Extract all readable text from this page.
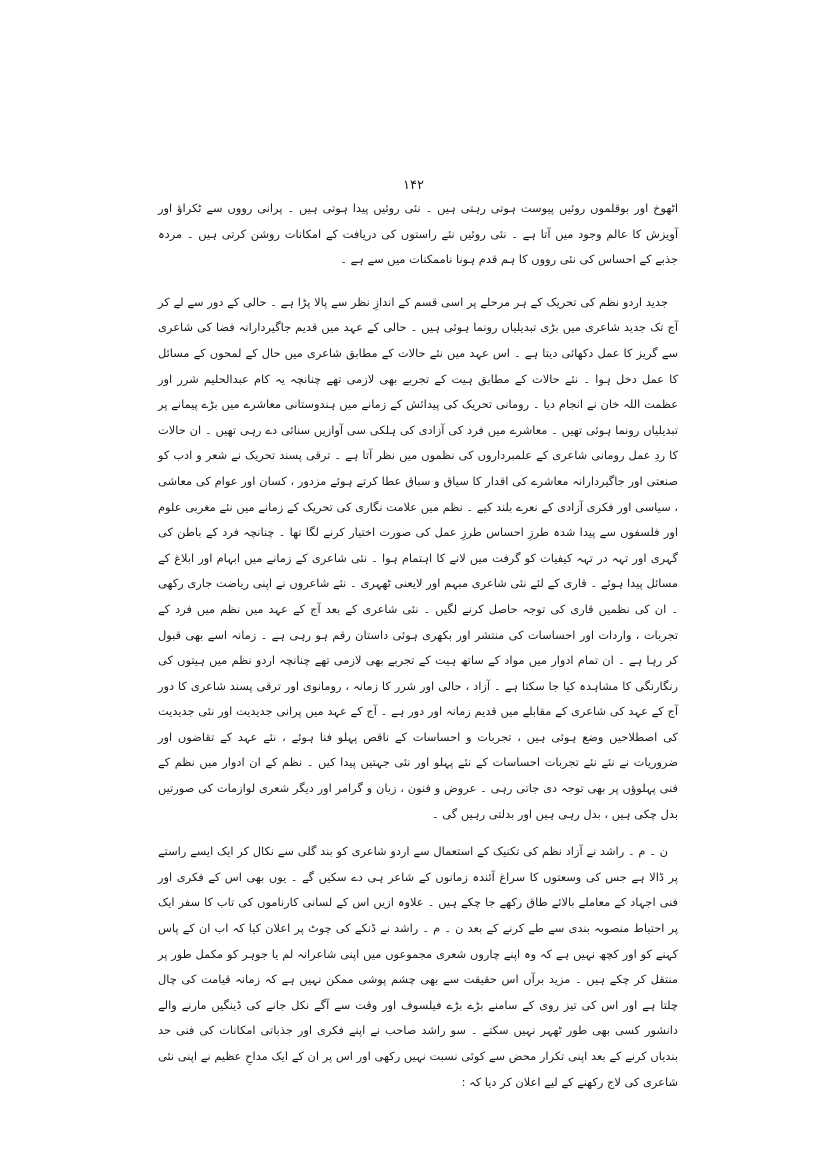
۱۴۲

اٹھوخ اور بوقلموں روئیں پیوست ہوتی رہتی ہیں ۔ نئی روئیں پیدا ہوتی ہیں ۔ پرانی رووں سے ٹکراؤ اور آویزش کا عالم وجود میں آتا ہے ۔ نئی روئیں نئے راستوں کی دریافت کے امکانات روشن کرتی ہیں ۔ مردہ جذبے کے احساس کی نئی رووں کا ہم قدم ہونا ناممکنات میں سے ہے ۔

جدید اردو نظم کی تحریک کے ہر مرحلے پر اسی قسم کے اندازِ نظر سے پالا پڑا ہے ۔ حالی کے دور سے لے کر آج تک جدید شاعری میں بڑی تبدیلیاں رونما ہوئی ہیں ۔ حالی کے عہد میں قدیم جاگیردارانہ فضا کی شاعری سے گریز کا عمل دکھائی دیتا ہے ۔ اس عہد میں نئے حالات کے مطابق شاعری میں حال کے لمحوں کے مسائل کا عمل دخل ہوا ۔ نئے حالات کے مطابق ہیت کے تجربے بھی لازمی تھے چنانچہ یہ کام عبدالحلیم شرر اور عظمت اللہ خان نے انجام دیا ۔ رومانی تحریک کی پیدائش کے زمانے میں ہندوستانی معاشرے میں بڑے پیمانے پر تبدیلیاں رونما ہوئی تھیں ۔ معاشرے میں فرد کی آزادی کی ہلکی سی آوازیں سنائی دے رہی تھیں ۔ ان حالات کا ردِ عمل رومانی شاعری کے علمبرداروں کی نظموں میں نظر آتا ہے ۔ ترقی پسند تحریک نے شعر و ادب کو صنعتی اور جاگیردارانہ معاشرے کی اقدار کا سیاق و سباق عطا کرتے ہوئے مزدور ، کسان اور عوام کی معاشی ، سیاسی اور فکری آزادی کے نعرے بلند کیے ۔ نظم میں علامت نگاری کی تحریک کے زمانے میں نئے مغربی علوم اور فلسفوں سے پیدا شدہ طرزِ احساس طرزِ عمل کی صورت اختیار کرنے لگا تھا ۔ چنانچہ فرد کے باطن کی گہری اور تہہ در تہہ کیفیات کو گرفت میں لانے کا اہتمام ہوا ۔ نئی شاعری کے زمانے میں ابہام اور ابلاغ کے مسائل پیدا ہوئے ۔ قاری کے لئے نئی شاعری مبہم اور لایعنی ٹھہری ۔ نئے شاعروں نے اپنی ریاضت جاری رکھی ۔ ان کی نظمیں قاری کی توجہ حاصل کرنے لگیں ۔ نئی شاعری کے بعد آج کے عہد میں نظم میں فرد کے تجربات ، واردات اور احساسات کی منتشر اور بکھری ہوئی داستان رقم ہو رہی ہے ۔ زمانہ اسے بھی قبول کر رہا ہے ۔ ان تمام ادوار میں مواد کے ساتھ ہیت کے تجربے بھی لازمی تھے چنانچہ اردو نظم میں ہیتوں کی رنگارنگی کا مشاہدہ کیا جا سکتا ہے ۔ آزاد ، حالی اور شرر کا زمانہ ، رومانوی اور ترقی پسند شاعری کا دور آج کے عہد کی شاعری کے مقابلے میں قدیم زمانہ اور دور ہے ۔ آج کے عہد میں پرانی جدیدیت اور نئی جدیدیت کی اصطلاحیں وضع ہوئی ہیں ، تجربات و احساسات کے ناقص پہلو فنا ہوئے ، نئے عہد کے تقاضوں اور ضروریات نے نئے نئے تجربات احساسات کے نئے پہلو اور نئی جہتیں پیدا کیں ۔ نظم کے ان ادوار میں نظم کے فنی پہلوؤں پر بھی توجہ دی جاتی رہی ۔ عروض و فنون ، زبان و گرامر اور دیگر شعری لوازمات کی صورتیں بدل چکی ہیں ، بدل رہی ہیں اور بدلتی رہیں گی ۔

ن ۔ م ۔ راشد نے آزاد نظم کی تکنیک کے استعمال سے اردو شاعری کو بند گلی سے نکال کر ایک ایسے راستے پر ڈالا ہے جس کی وسعتوں کا سراغ آئندہ زمانوں کے شاعر ہی دے سکیں گے ۔ یوں بھی اس کے فکری اور فنی اجہاد کے معاملے بالائے طاق رکھے جا چکے ہیں ۔ علاوہ ازیں اس کے لسانی کارناموں کی تاب کا سفر ایک پر احتیاط منصوبہ بندی سے طے کرنے کے بعد ن ۔ م ۔ راشد نے ڈنکے کی چوٹ پر اعلان کیا کہ اب ان کے پاس کہنے کو اور کچھ نہیں ہے کہ وہ اپنے چاروں شعری مجموعوں میں اپنی شاعرانہ لم یا جوہر کو مکمل طور پر منتقل کر چکے ہیں ۔ مزید برآں اس حقیقت سے بھی چشم پوشی ممکن نہیں ہے کہ زمانہ قیامت کی چال چلتا ہے اور اس کی تیز روی کے سامنے بڑے بڑے فیلسوف اور وقت سے آگے نکل جانے کی ڈینگیں مارنے والے دانشور کسی بھی طور ٹھہر نہیں سکتے ۔ سو راشد صاحب نے اپنے فکری اور جذباتی امکانات کی فنی حد بندیاں کرنے کے بعد اپنی تکرار محض سے کوئی نسبت نہیں رکھی اور اس پر ان کے ایک مداحِ عظیم نے اپنی نئی شاعری کی لاج رکھنے کے لیے اعلان کر دیا کہ :
